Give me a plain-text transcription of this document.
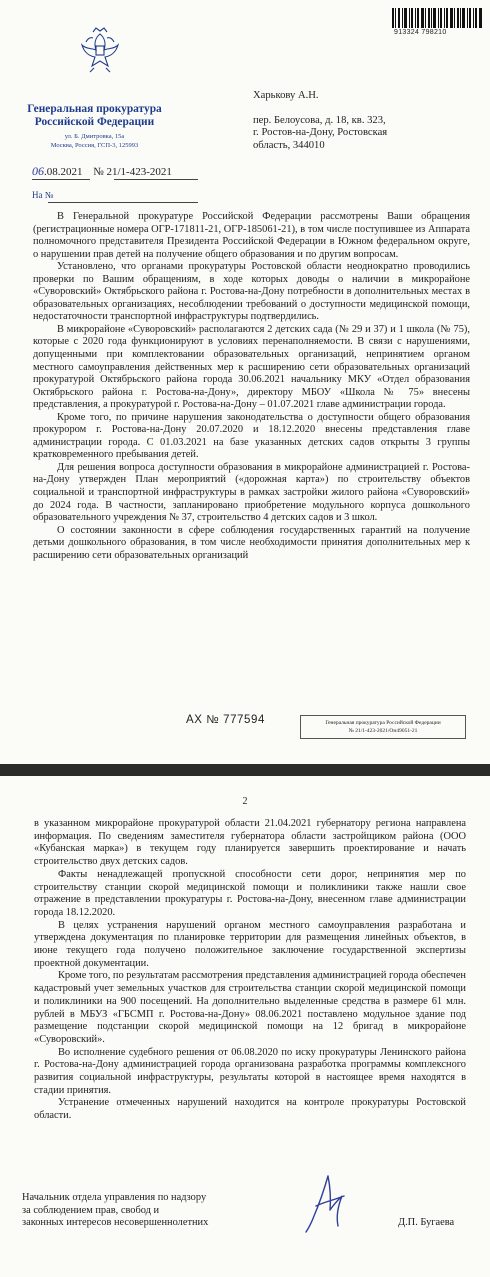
913324 798210
Генеральная прокуратура
Российской Федерации
ул. Б. Дмитровка, 15а
Москва, Россия, ГСП-3, 125993
Харькову А.Н.
пер. Белоусова, д. 18, кв. 323,
г. Ростов-на-Дону, Ростовская
область, 344010
06.08.2021 № 21/1-423-2021
На №

В Генеральной прокуратуре Российской Федерации рассмотрены Ваши обращения (регистрационные номера ОГР-171811-21, ОГР-185061-21), в том числе поступившее из Аппарата полномочного представителя Президента Российской Федерации в Южном федеральном округе, о нарушении прав детей на получение общего образования и по другим вопросам.

Установлено, что органами прокуратуры Ростовской области неоднократно проводились проверки по Вашим обращениям, в ходе которых доводы о наличии в микрорайоне «Суворовский» Октябрьского района г. Ростова-на-Дону потребности в дополнительных местах в образовательных организациях, несоблюдении требований о доступности медицинской помощи, недостаточности транспортной инфраструктуры подтвердились.

В микрорайоне «Суворовский» располагаются 2 детских сада (№ 29 и 37) и 1 школа (№ 75), которые с 2020 года функционируют в условиях перенаполняемости. В связи с нарушениями, допущенными при комплектовании образовательных организаций, непринятием органом местного самоуправления действенных мер к расширению сети образовательных организаций прокуратурой Октябрьского района города 30.06.2021 начальнику МКУ «Отдел образования Октябрьского района г. Ростова-на-Дону», директору МБОУ «Школа № 75» внесены представления, а прокуратурой г. Ростова-на-Дону – 01.07.2021 главе администрации города.

Кроме того, по причине нарушения законодательства о доступности общего образования прокурором г. Ростова-на-Дону 20.07.2020 и 18.12.2020 внесены представления главе администрации города. С 01.03.2021 на базе указанных детских садов открыты 3 группы кратковременного пребывания детей.

Для решения вопроса доступности образования в микрорайоне администрацией г. Ростова-на-Дону утвержден План мероприятий («дорожная карта») по строительству объектов социальной и транспортной инфраструктуры в рамках застройки жилого района «Суворовский» до 2024 года. В частности, запланировано приобретение модульного корпуса дошкольного образовательного учреждения № 37, строительство 4 детских садов и 3 школ.

О состоянии законности в сфере соблюдения государственных гарантий на получение детьми дошкольного образования, в том числе необходимости принятия дополнительных мер к расширению сети образовательных организаций

АХ № 777594	Генеральная прокуратура Российской Федерации
№ 21/1-423-2021/Он49051-21
2

в указанном микрорайоне прокуратурой области 21.04.2021 губернатору региона направлена информация. По сведениям заместителя губернатора области застройщиком района (ООО «Кубанская марка») в текущем году планируется завершить проектирование и начать строительство двух детских садов.

Факты ненадлежащей пропускной способности сети дорог, непринятия мер по строительству станции скорой медицинской помощи и поликлиники также нашли свое отражение в представлении прокуратуры г. Ростова-на-Дону, внесенном главе администрации города 18.12.2020.

В целях устранения нарушений органом местного самоуправления разработана и утверждена документация по планировке территории для размещения линейных объектов, в июне текущего года получено положительное заключение государственной экспертизы проектной документации.

Кроме того, по результатам рассмотрения представления администрацией города обеспечен кадастровый учет земельных участков для строительства станции скорой медицинской помощи и поликлиники на 900 посещений. На дополнительно выделенные средства в размере 61 млн. рублей в МБУЗ «ГБСМП г. Ростова-на-Дону» 08.06.2021 поставлено модульное здание под размещение подстанции скорой медицинской помощи на 12 бригад в микрорайоне «Суворовский».

Во исполнение судебного решения от 06.08.2020 по иску прокуратуры Ленинского района г. Ростова-на-Дону администрацией города организована разработка программы комплексного развития социальной инфраструктуры, результаты которой в настоящее время находятся в стадии принятия.

Устранение отмеченных нарушений находится на контроле прокуратуры Ростовской области.

Начальник отдела управления по надзору
за соблюдением прав, свобод и
законных интересов несовершеннолетних	Д.П. Бугаева
